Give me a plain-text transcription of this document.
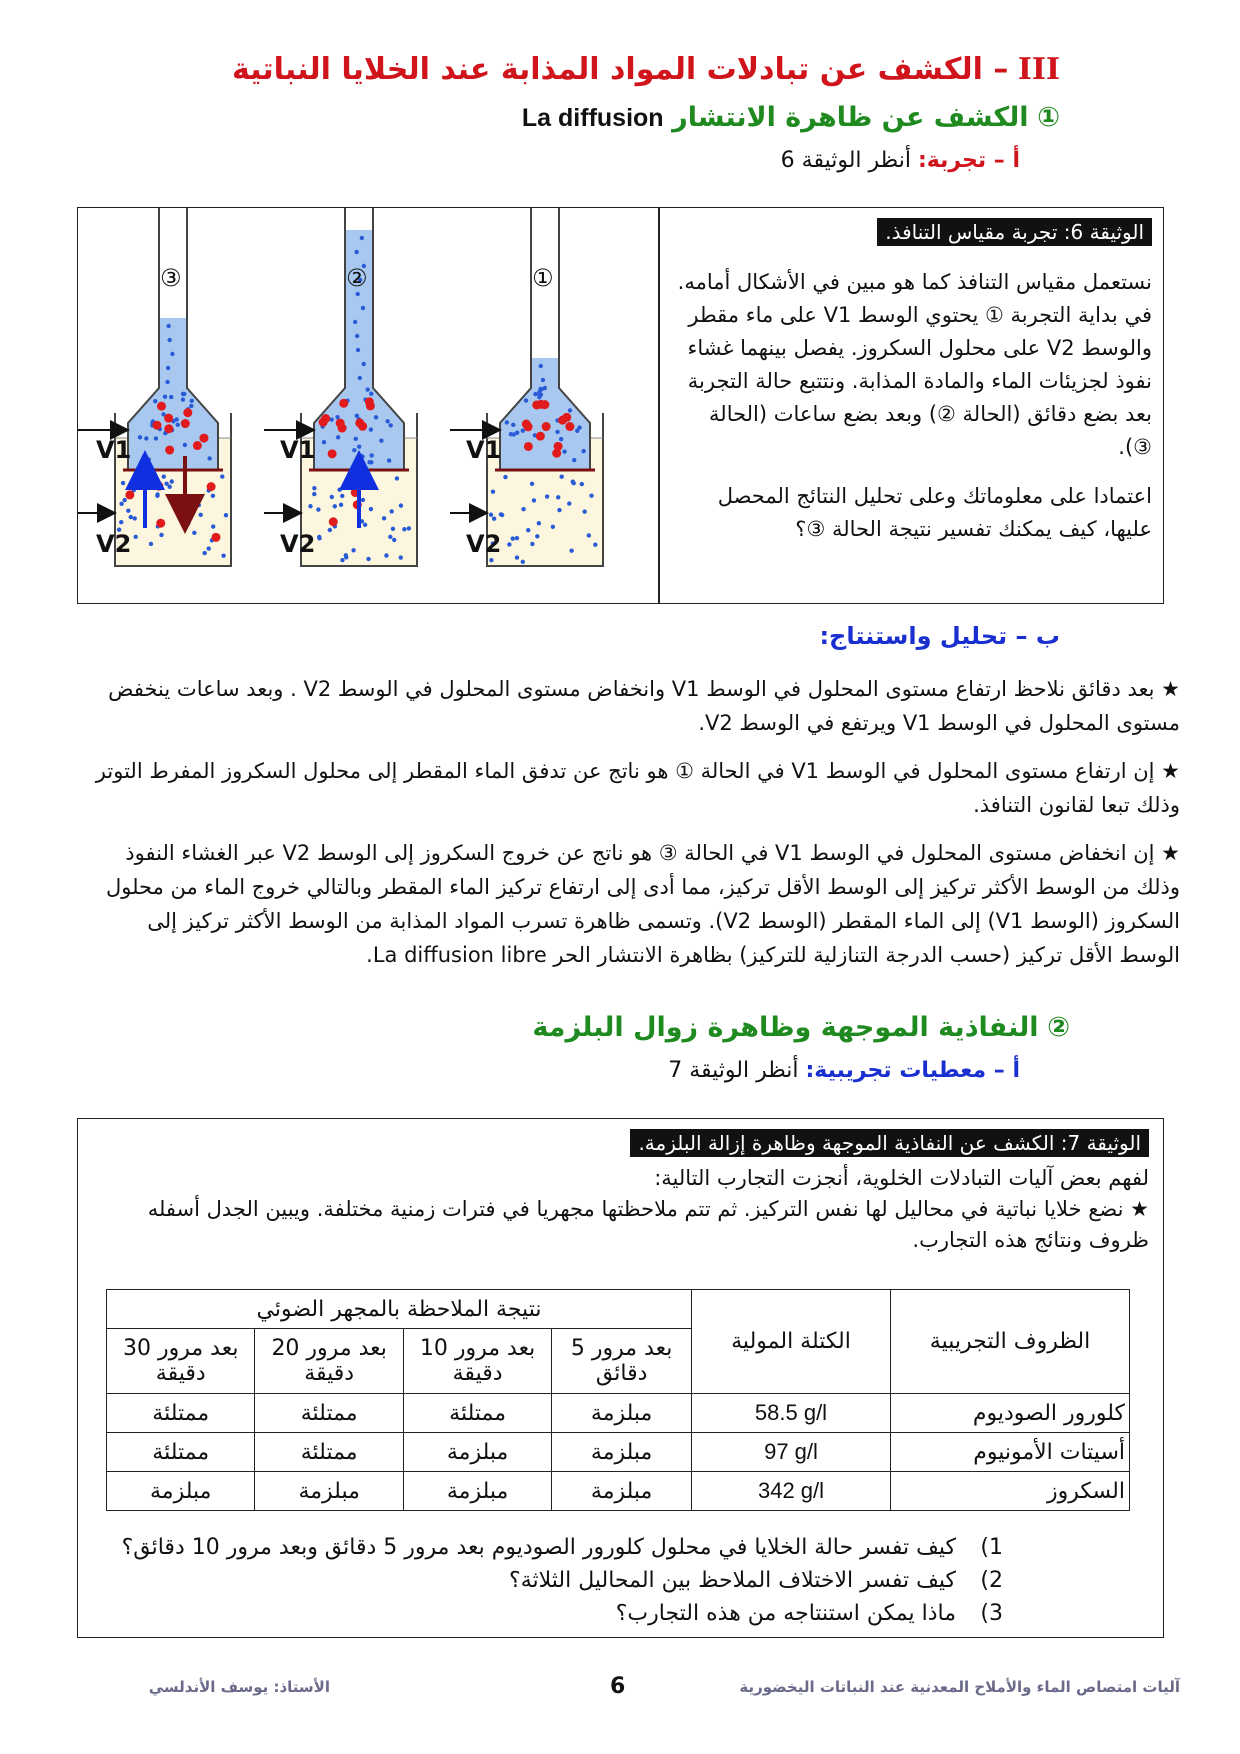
III – الكشف عن تبادلات المواد المذابة عند الخلايا النباتية
① الكشف عن ظاهرة الانتشار La diffusion
أ – تجربة: أنظر الوثيقة 6
③	②	①
V1	V1	V1
V2	V2	V2
الوثيقة 6: تجربة مقياس التنافذ.
نستعمل مقياس التنافذ كما هو مبين في الأشكال أمامه. في بداية التجربة ① يحتوي الوسط V1 على ماء مقطر والوسط V2 على محلول السكروز. يفصل بينهما غشاء نفوذ لجزيئات الماء والمادة المذابة. ونتتبع حالة التجربة بعد بضع دقائق (الحالة ②) وبعد بضع ساعات (الحالة ③).
اعتمادا على معلوماتك وعلى تحليل النتائج المحصل عليها، كيف يمكنك تفسير نتيجة الحالة ③؟
ب – تحليل واستنتاج:
★ بعد دقائق نلاحظ ارتفاع مستوى المحلول في الوسط V1 وانخفاض مستوى المحلول في الوسط V2 . وبعد ساعات ينخفض مستوى المحلول في الوسط V1 ويرتفع في الوسط V2.
★ إن ارتفاع مستوى المحلول في الوسط V1 في الحالة ① هو ناتج عن تدفق الماء المقطر إلى محلول السكروز المفرط التوتر وذلك تبعا لقانون التنافذ.
★ إن انخفاض مستوى المحلول في الوسط V1 في الحالة ③ هو ناتج عن خروج السكروز إلى الوسط V2 عبر الغشاء النفوذ وذلك من الوسط الأكثر تركيز إلى الوسط الأقل تركيز، مما أدى إلى ارتفاع تركيز الماء المقطر وبالتالي خروج الماء من محلول السكروز (الوسط V1) إلى الماء المقطر (الوسط V2). وتسمى ظاهرة تسرب المواد المذابة من الوسط الأكثر تركيز إلى الوسط الأقل تركيز (حسب الدرجة التنازلية للتركيز) بظاهرة الانتشار الحر La diffusion libre.
② النفاذية الموجهة وظاهرة زوال البلزمة
أ – معطيات تجريبية: أنظر الوثيقة 7
الوثيقة 7: الكشف عن النفاذية الموجهة وظاهرة إزالة البلزمة.
لفهم بعض آليات التبادلات الخلوية، أنجزت التجارب التالية:
★ نضع خلايا نباتية في محاليل لها نفس التركيز. ثم تتم ملاحظتها مجهريا في فترات زمنية مختلفة. ويبين الجدل أسفله ظروف ونتائج هذه التجارب.
الظروف التجريبية	الكتلة المولية	نتيجة الملاحظة بالمجهر الضوئي			
		بعد مرور 5 دقائق	بعد مرور 10 دقيقة	بعد مرور 20 دقيقة	بعد مرور 30 دقيقة
كلورور الصوديوم	58.5 g/l	مبلزمة	ممتلئة	ممتلئة	ممتلئة
أسيتات الأمونيوم	97 g/l	مبلزمة	مبلزمة	ممتلئة	ممتلئة
السكروز	342 g/l	مبلزمة	مبلزمة	مبلزمة	مبلزمة
1) كيف تفسر حالة الخلايا في محلول كلورور الصوديوم بعد مرور 5 دقائق وبعد مرور 10 دقائق؟
2) كيف تفسر الاختلاف الملاحظ بين المحاليل الثلاثة؟
3) ماذا يمكن استنتاجه من هذه التجارب؟
آليات امتصاص الماء والأملاح المعدنية عند النباتات اليخضورية
6
الأستاذ: يوسف الأندلسي
